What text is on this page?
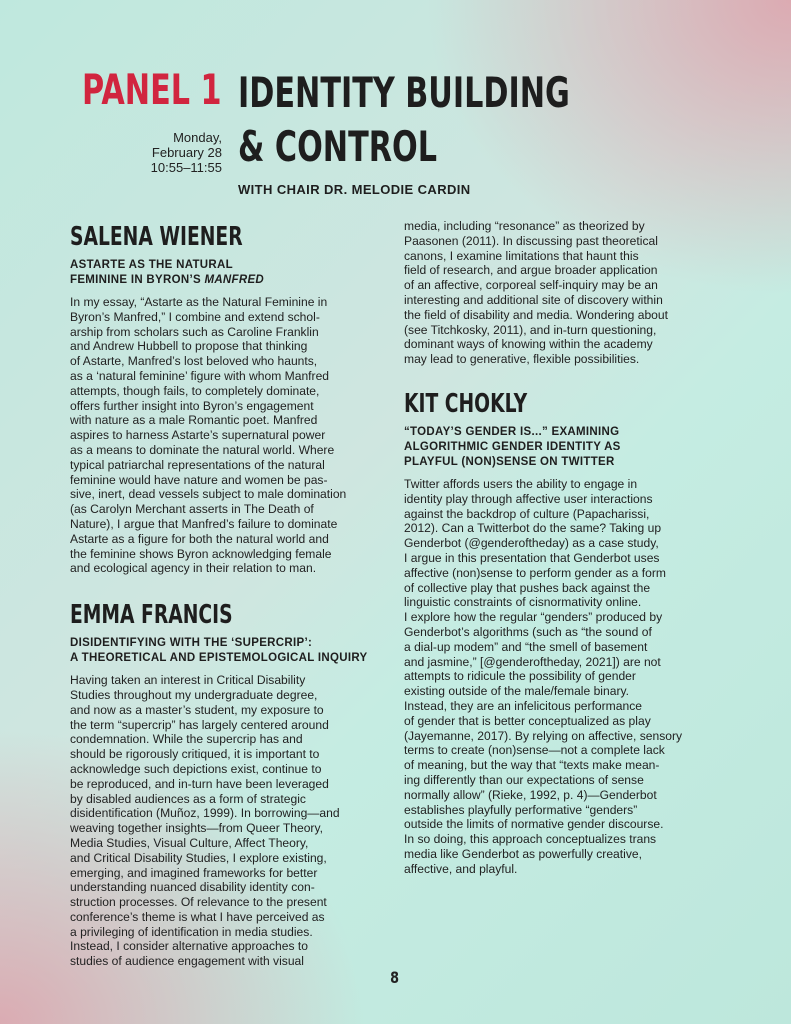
PANEL 1 IDENTITY BUILDING
& CONTROL
Monday,
February 28
10:55–11:55
WITH CHAIR DR. MELODIE CARDIN
SALENA WIENER
ASTARTE AS THE NATURAL
FEMININE IN BYRON’S MANFRED
In my essay, “Astarte as the Natural Feminine in
Byron’s Manfred,” I combine and extend schol-
arship from scholars such as Caroline Franklin
and Andrew Hubbell to propose that thinking
of Astarte, Manfred’s lost beloved who haunts,
as a ‘natural feminine’ figure with whom Manfred
attempts, though fails, to completely dominate,
offers further insight into Byron’s engagement
with nature as a male Romantic poet. Manfred
aspires to harness Astarte’s supernatural power
as a means to dominate the natural world. Where
typical patriarchal representations of the natural
feminine would have nature and women be pas-
sive, inert, dead vessels subject to male domination
(as Carolyn Merchant asserts in The Death of
Nature), I argue that Manfred’s failure to dominate
Astarte as a figure for both the natural world and
the feminine shows Byron acknowledging female
and ecological agency in their relation to man.
EMMA FRANCIS
DISIDENTIFYING WITH THE ‘SUPERCRIP’:
A THEORETICAL AND EPISTEMOLOGICAL INQUIRY
Having taken an interest in Critical Disability
Studies throughout my undergraduate degree,
and now as a master’s student, my exposure to
the term “supercrip” has largely centered around
condemnation. While the supercrip has and
should be rigorously critiqued, it is important to
acknowledge such depictions exist, continue to
be reproduced, and in-turn have been leveraged
by disabled audiences as a form of strategic
disidentification (Muñoz, 1999). In borrowing—and
weaving together insights—from Queer Theory,
Media Studies, Visual Culture, Affect Theory,
and Critical Disability Studies, I explore existing,
emerging, and imagined frameworks for better
understanding nuanced disability identity con-
struction processes. Of relevance to the present
conference’s theme is what I have perceived as
a privileging of identification in media studies.
Instead, I consider alternative approaches to
studies of audience engagement with visual
media, including “resonance” as theorized by
Paasonen (2011). In discussing past theoretical
canons, I examine limitations that haunt this
field of research, and argue broader application
of an affective, corporeal self-inquiry may be an
interesting and additional site of discovery within
the field of disability and media. Wondering about
(see Titchkosky, 2011), and in-turn questioning,
dominant ways of knowing within the academy
may lead to generative, flexible possibilities.
KIT CHOKLY
“TODAY’S GENDER IS...” EXAMINING
ALGORITHMIC GENDER IDENTITY AS
PLAYFUL (NON)SENSE ON TWITTER
Twitter affords users the ability to engage in
identity play through affective user interactions
against the backdrop of culture (Papacharissi,
2012). Can a Twitterbot do the same? Taking up
Genderbot (@genderoftheday) as a case study,
I argue in this presentation that Genderbot uses
affective (non)sense to perform gender as a form
of collective play that pushes back against the
linguistic constraints of cisnormativity online.
I explore how the regular “genders” produced by
Genderbot’s algorithms (such as “the sound of
a dial-up modem” and “the smell of basement
and jasmine,” [@genderoftheday, 2021]) are not
attempts to ridicule the possibility of gender
existing outside of the male/female binary.
Instead, they are an infelicitous performance
of gender that is better conceptualized as play
(Jayemanne, 2017). By relying on affective, sensory
terms to create (non)sense—not a complete lack
of meaning, but the way that “texts make mean-
ing differently than our expectations of sense
normally allow” (Rieke, 1992, p. 4)—Genderbot
establishes playfully performative “genders”
outside the limits of normative gender discourse.
In so doing, this approach conceptualizes trans
media like Genderbot as powerfully creative,
affective, and playful.
8
